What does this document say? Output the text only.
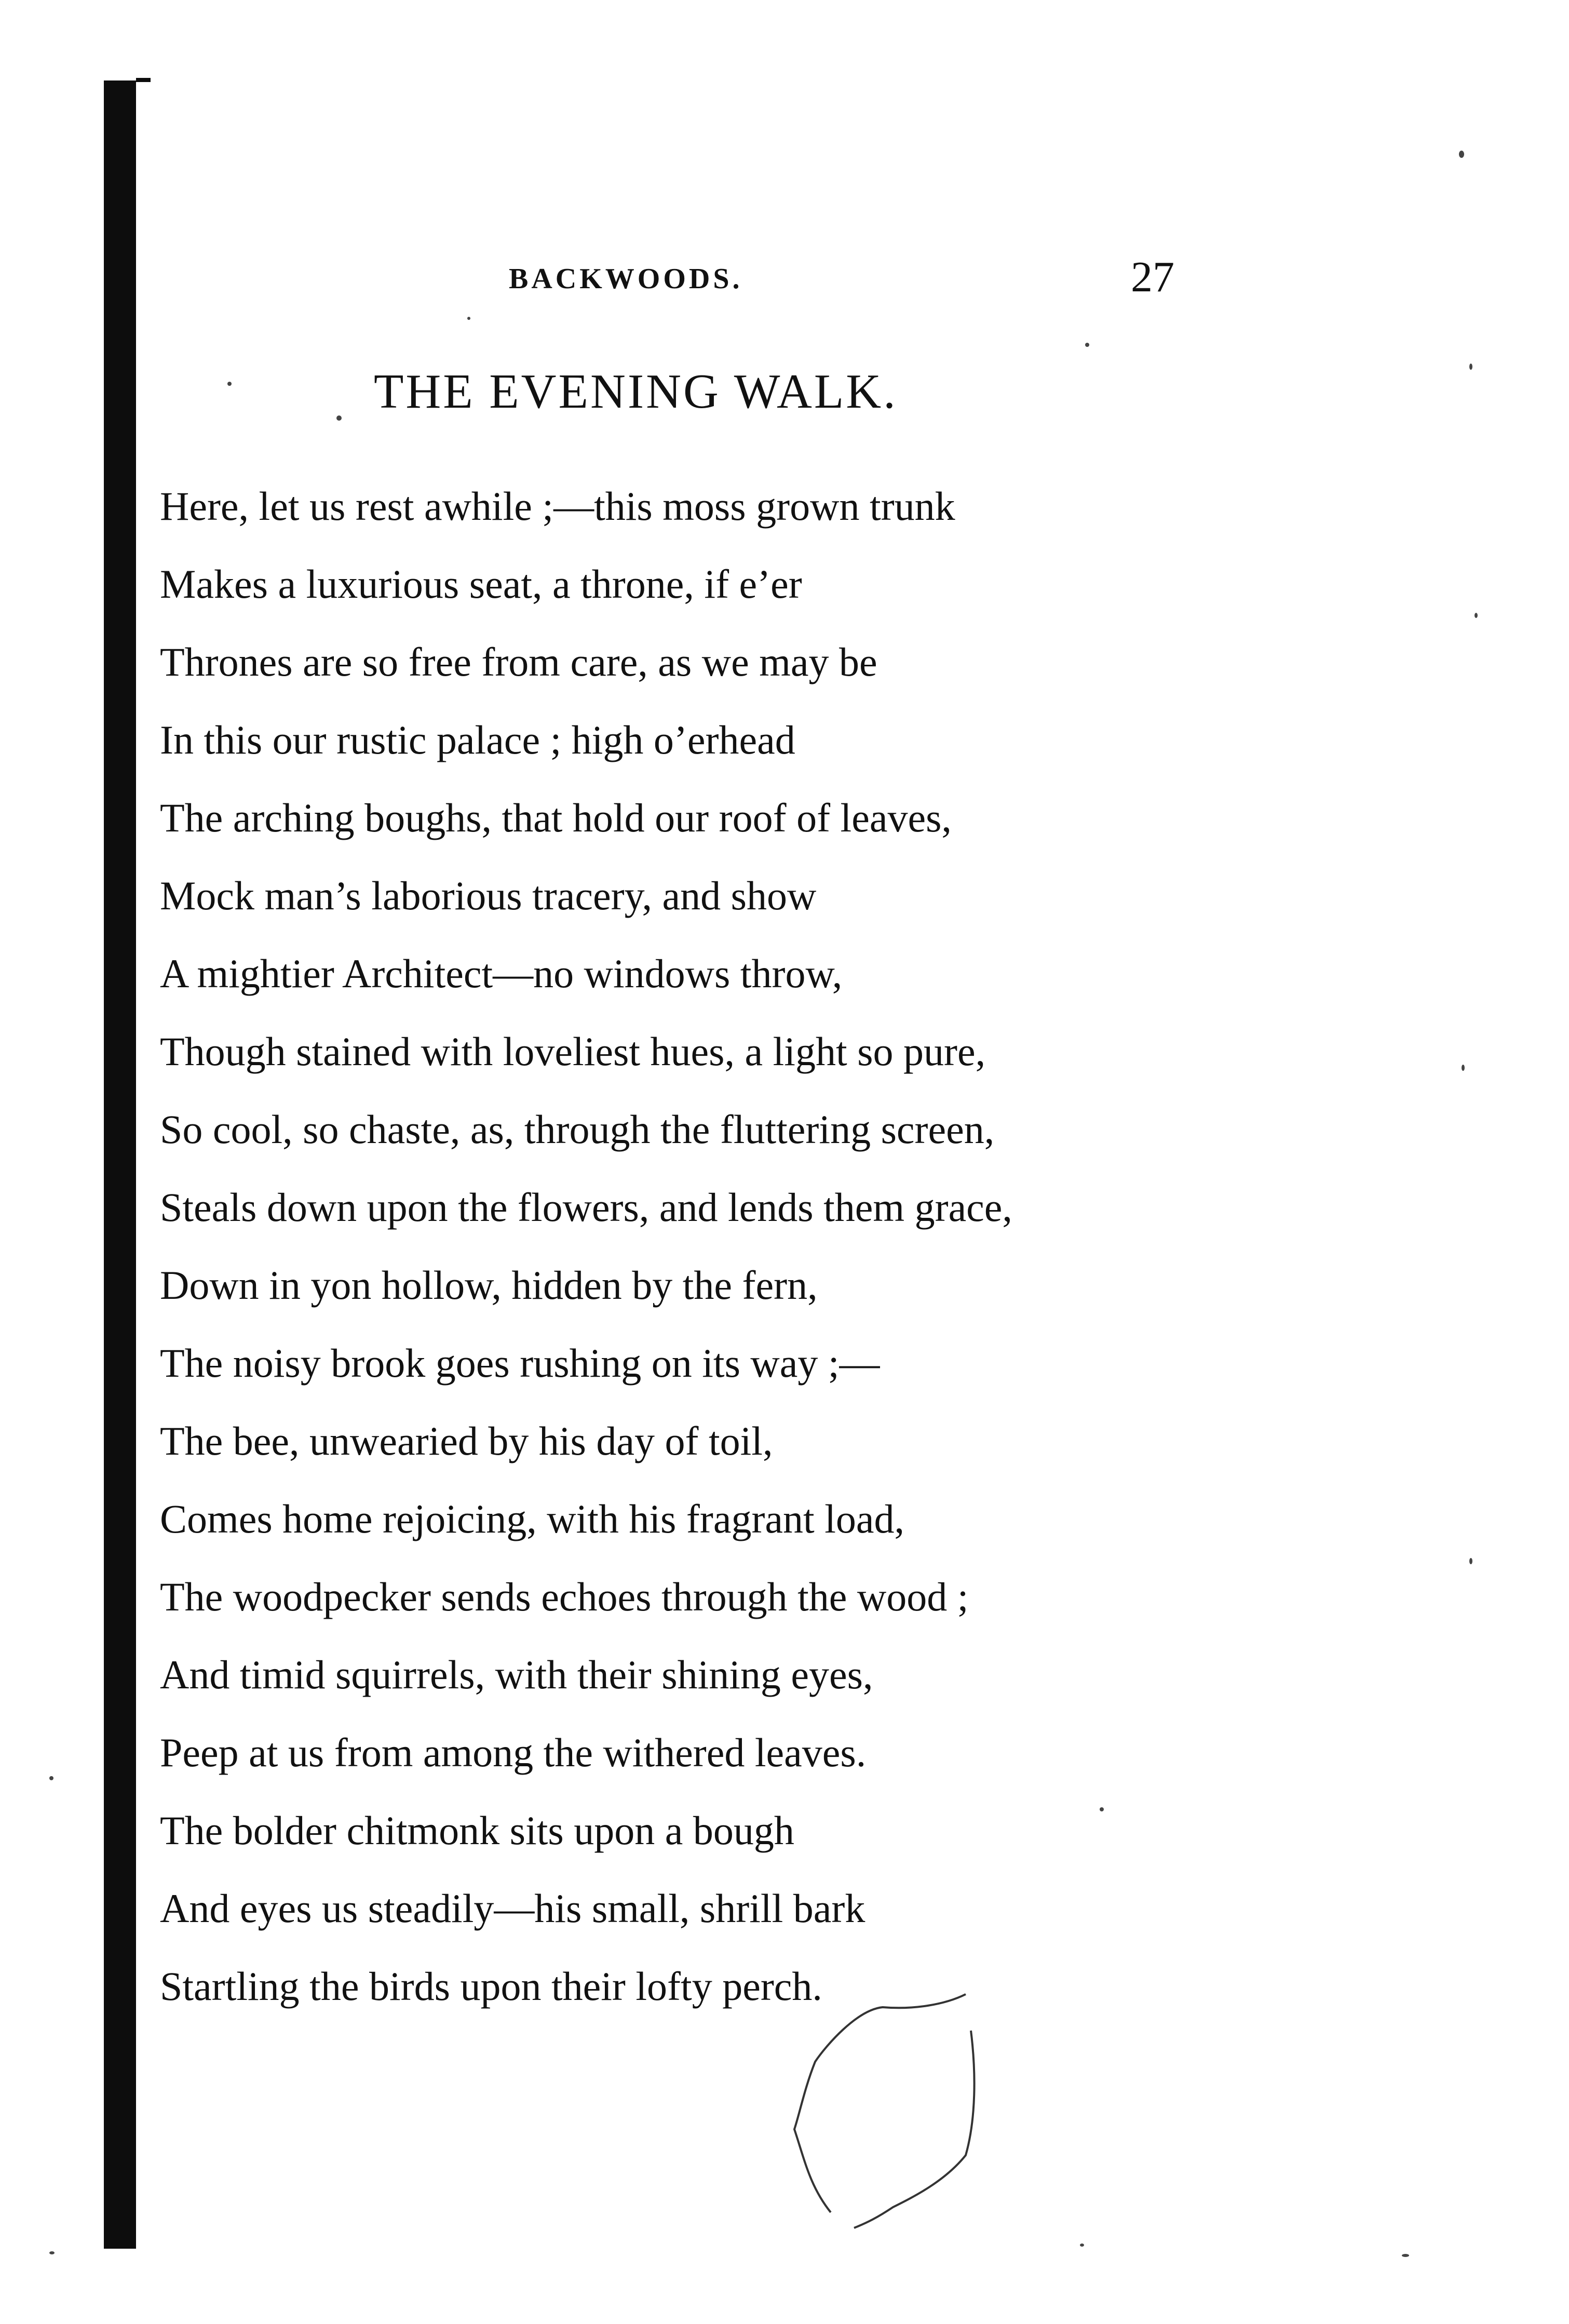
BACKWOODS.	27
THE EVENING WALK.
Here, let us rest awhile ;—this moss grown trunk
Makes a luxurious seat, a throne, if e’er
Thrones are so free from care, as we may be
In this our rustic palace ; high o’erhead
The arching boughs, that hold our roof of leaves,
Mock man’s laborious tracery, and show
A mightier Architect—no windows throw,
Though stained with loveliest hues, a light so pure,
So cool, so chaste, as, through the fluttering screen,
Steals down upon the flowers, and lends them grace,
Down in yon hollow, hidden by the fern,
The noisy brook goes rushing on its way ;—
The bee, unwearied by his day of toil,
Comes home rejoicing, with his fragrant load,
The woodpecker sends echoes through the wood ;
And timid squirrels, with their shining eyes,
Peep at us from among the withered leaves.
The bolder chitmonk sits upon a bough
And eyes us steadily—his small, shrill bark
Startling the birds upon their lofty perch.
